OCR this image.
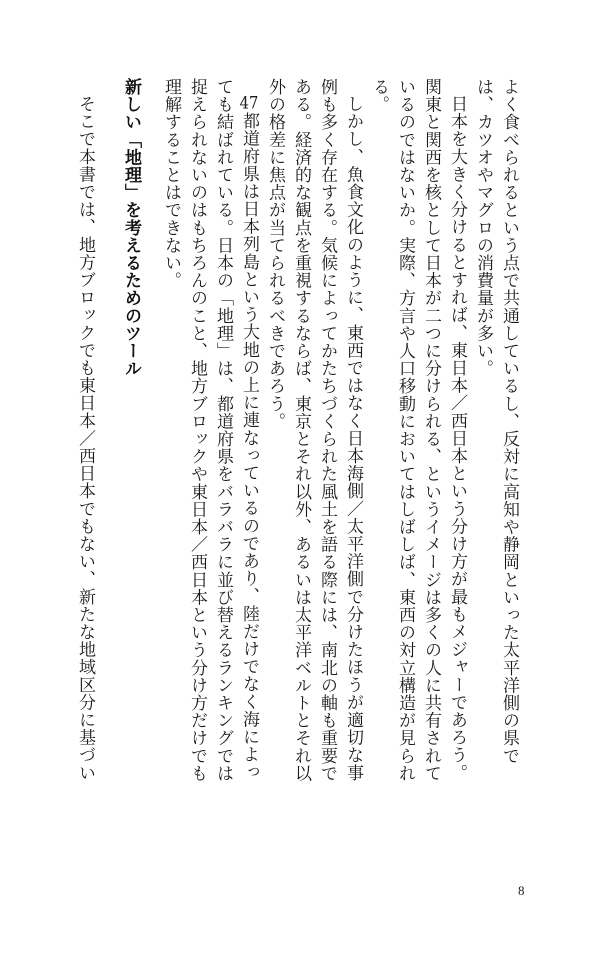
よく食べられるという点で共通しているし、反対に高知や静岡といった太平洋側の県では、カツオやマグロの消費量が多い。

日本を大きく分けるとすれば、東日本／西日本という分け方が最もメジャーであろう。関東と関西を核として日本が二つに分けられる、というイメージは多くの人に共有されているのではないか。実際、方言や人口移動においてはしばしば、東西の対立構造が見られる。

しかし、魚食文化のように、東西ではなく日本海側／太平洋側で分けたほうが適切な事例も多く存在する。気候によってかたちづくられた風土を語る際には、南北の軸も重要である。経済的な観点を重視するならば、東京とそれ以外、あるいは太平洋ベルトとそれ以外の格差に焦点が当てられるべきであろう。

47都道府県は日本列島という大地の上に連なっているのであり、陸だけでなく海によっても結ばれている。日本の「地理」は、都道府県をバラバラに並び替えるランキングでは捉えられないのはもちろんのこと、地方ブロックや東日本／西日本という分け方だけでも理解することはできない。

新しい「地理」を考えるためのツール

そこで本書では、地方ブロックでも東日本／西日本でもない、新たな地域区分に基づい

8
